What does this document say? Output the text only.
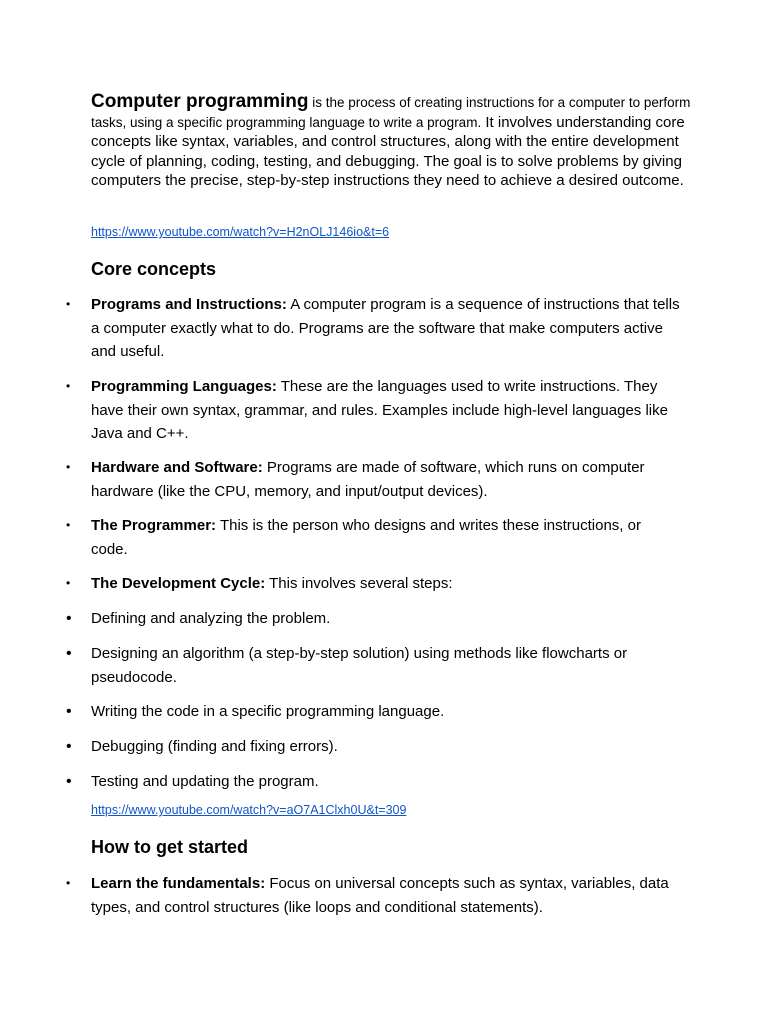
Computer programming is the process of creating instructions for a computer to perform tasks, using a specific programming language to write a program. It involves understanding core concepts like syntax, variables, and control structures, along with the entire development cycle of planning, coding, testing, and debugging. The goal is to solve problems by giving computers the precise, step-by-step instructions they need to achieve a desired outcome.

https://www.youtube.com/watch?v=H2nOLJ146io&t=6
Core concepts
• Programs and Instructions: A computer program is a sequence of instructions that tells a computer exactly what to do. Programs are the software that make computers active and useful.

• Programming Languages: These are the languages used to write instructions. They have their own syntax, grammar, and rules. Examples include high-level languages like Java and C++.

• Hardware and Software: Programs are made of software, which runs on computer hardware (like the CPU, memory, and input/output devices).

• The Programmer: This is the person who designs and writes these instructions, or code.

• The Development Cycle: This involves several steps:

• Defining and analyzing the problem.

• Designing an algorithm (a step-by-step solution) using methods like flowcharts or pseudocode.

• Writing the code in a specific programming language.

• Debugging (finding and fixing errors).

• Testing and updating the program.

https://www.youtube.com/watch?v=aO7A1Clxh0U&t=309
How to get started
• Learn the fundamentals: Focus on universal concepts such as syntax, variables, data types, and control structures (like loops and conditional statements).
